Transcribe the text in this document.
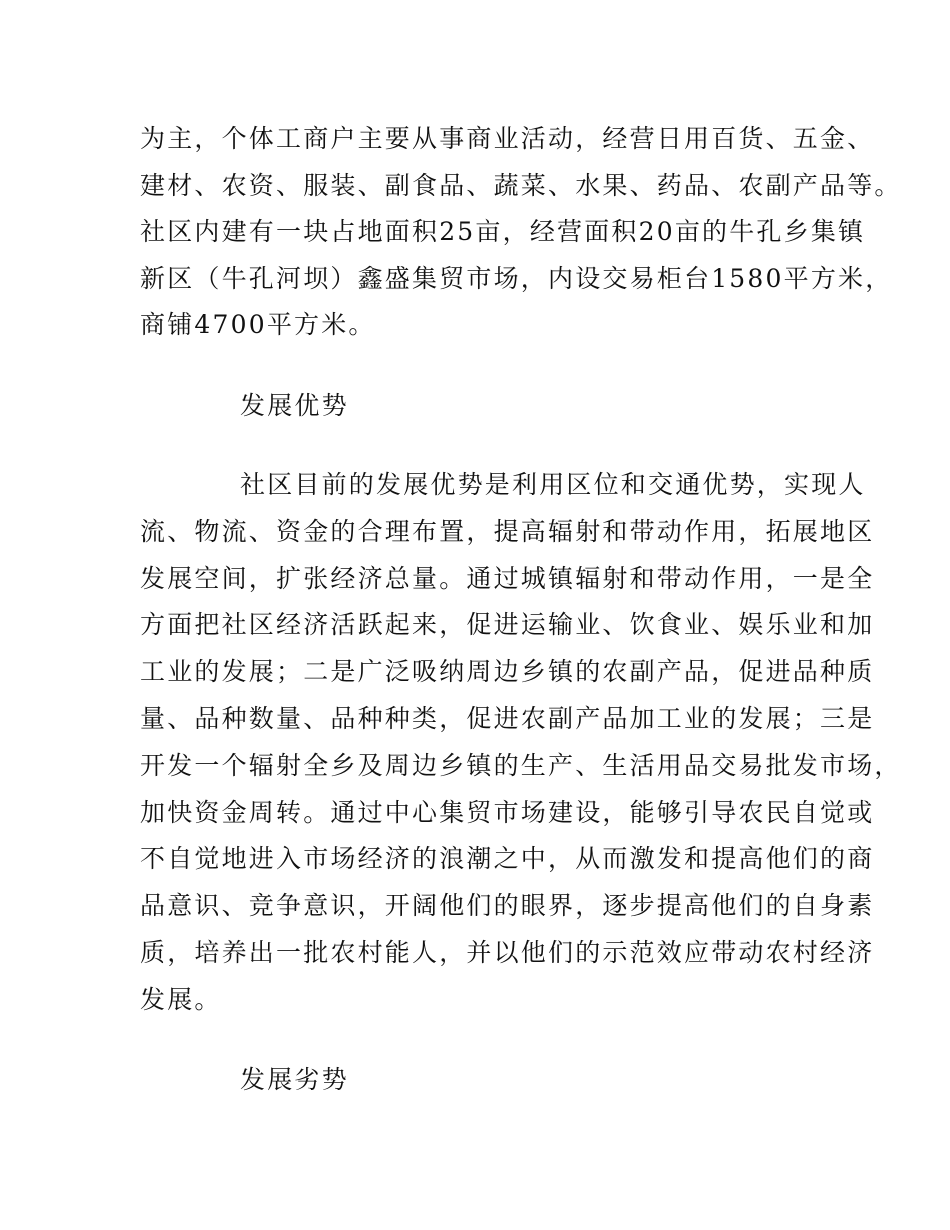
为主，个体工商户主要从事商业活动，经营日用百货、五金、

建材、农资、服装、副食品、蔬菜、水果、药品、农副产品等。

社区内建有一块占地面积25亩，经营面积20亩的牛孔乡集镇

新区（牛孔河坝）鑫盛集贸市场，内设交易柜台1580平方米，

商铺4700平方米。

发展优势

社区目前的发展优势是利用区位和交通优势，实现人

流、物流、资金的合理布置，提高辐射和带动作用，拓展地区

发展空间，扩张经济总量。通过城镇辐射和带动作用，一是全

方面把社区经济活跃起来，促进运输业、饮食业、娱乐业和加

工业的发展；二是广泛吸纳周边乡镇的农副产品，促进品种质

量、品种数量、品种种类，促进农副产品加工业的发展；三是

开发一个辐射全乡及周边乡镇的生产、生活用品交易批发市场，

加快资金周转。通过中心集贸市场建设，能够引导农民自觉或

不自觉地进入市场经济的浪潮之中，从而激发和提高他们的商

品意识、竞争意识，开阔他们的眼界，逐步提高他们的自身素

质，培养出一批农村能人，并以他们的示范效应带动农村经济

发展。

发展劣势
